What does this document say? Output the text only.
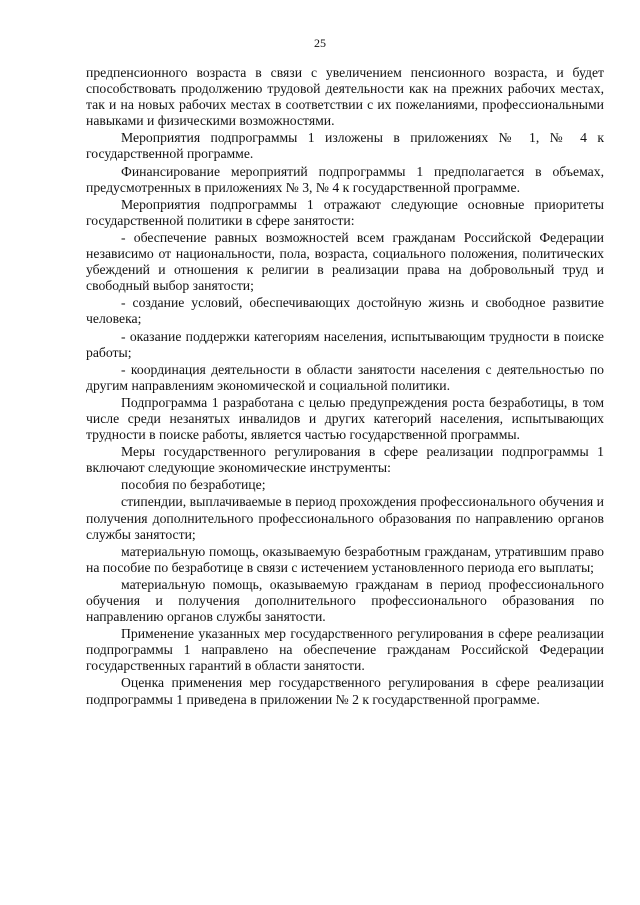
25

предпенсионного возраста в связи с увеличением пенсионного возраста, и будет способствовать продолжению трудовой деятельности как на прежних рабочих местах, так и на новых рабочих местах в соответствии с их пожеланиями, профессиональными навыками и физическими возможностями.

Мероприятия подпрограммы 1 изложены в приложениях № 1, № 4 к государственной программе.

Финансирование мероприятий подпрограммы 1 предполагается в объемах, предусмотренных в приложениях № 3, № 4 к государственной программе.

Мероприятия подпрограммы 1 отражают следующие основные приоритеты государственной политики в сфере занятости:

- обеспечение равных возможностей всем гражданам Российской Федерации независимо от национальности, пола, возраста, социального положения, политических убеждений и отношения к религии в реализации права на добровольный труд и свободный выбор занятости;

- создание условий, обеспечивающих достойную жизнь и свободное развитие человека;

- оказание поддержки категориям населения, испытывающим трудности в поиске работы;

- координация деятельности в области занятости населения с деятельностью по другим направлениям экономической и социальной политики.

Подпрограмма 1 разработана с целью предупреждения роста безработицы, в том числе среди незанятых инвалидов и других категорий населения, испытывающих трудности в поиске работы, является частью государственной программы.

Меры государственного регулирования в сфере реализации подпрограммы 1 включают следующие экономические инструменты:

пособия по безработице;

стипендии, выплачиваемые в период прохождения профессионального обучения и получения дополнительного профессионального образования по направлению органов службы занятости;

материальную помощь, оказываемую безработным гражданам, утратившим право на пособие по безработице в связи с истечением установленного периода его выплаты;

материальную помощь, оказываемую гражданам в период профессионального обучения и получения дополнительного профессионального образования по направлению органов службы занятости.

Применение указанных мер государственного регулирования в сфере реализации подпрограммы 1 направлено на обеспечение гражданам Российской Федерации государственных гарантий в области занятости.

Оценка применения мер государственного регулирования в сфере реализации подпрограммы 1 приведена в приложении № 2 к государственной программе.
